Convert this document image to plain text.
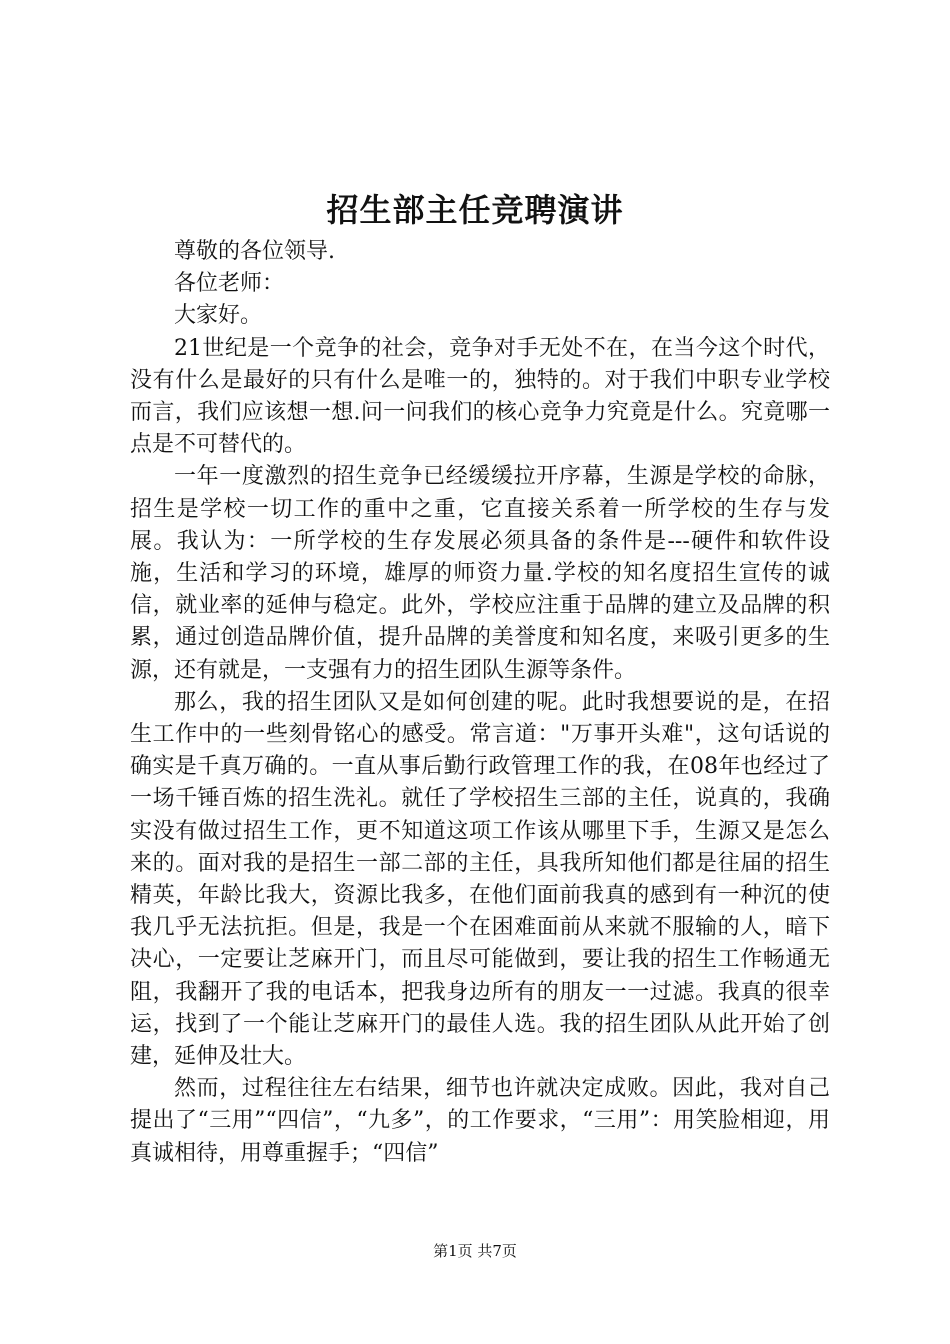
招生部主任竞聘演讲

尊敬的各位领导.

各位老师：

大家好。

21世纪是一个竞争的社会，竞争对手无处不在，在当今这个时代，没有什么是最好的只有什么是唯一的，独特的。对于我们中职专业学校而言，我们应该想一想.问一问我们的核心竞争力究竟是什么。究竟哪一点是不可替代的。

一年一度激烈的招生竞争已经缓缓拉开序幕，生源是学校的命脉，招生是学校一切工作的重中之重，它直接关系着一所学校的生存与发展。我认为：一所学校的生存发展必须具备的条件是---硬件和软件设施，生活和学习的环境，雄厚的师资力量.学校的知名度招生宣传的诚信，就业率的延伸与稳定。此外，学校应注重于品牌的建立及品牌的积累，通过创造品牌价值，提升品牌的美誉度和知名度，来吸引更多的生源，还有就是，一支强有力的招生团队生源等条件。

那么，我的招生团队又是如何创建的呢。此时我想要说的是，在招生工作中的一些刻骨铭心的感受。常言道："万事开头难"，这句话说的确实是千真万确的。一直从事后勤行政管理工作的我，在08年也经过了一场千锤百炼的招生洗礼。就任了学校招生三部的主任，说真的，我确实没有做过招生工作，更不知道这项工作该从哪里下手，生源又是怎么来的。面对我的是招生一部二部的主任，具我所知他们都是往届的招生精英，年龄比我大，资源比我多，在他们面前我真的感到有一种沉的使我几乎无法抗拒。但是，我是一个在困难面前从来就不服输的人，暗下决心，一定要让芝麻开门，而且尽可能做到，要让我的招生工作畅通无阻，我翻开了我的电话本，把我身边所有的朋友一一过滤。我真的很幸运，找到了一个能让芝麻开门的最佳人选。我的招生团队从此开始了创建，延伸及壮大。

然而，过程往往左右结果，细节也许就决定成败。因此，我对自己提出了“三用”“四信”，“九多”，的工作要求，“三用”：用笑脸相迎，用真诚相待，用尊重握手；“四信”

第1页 共7页
